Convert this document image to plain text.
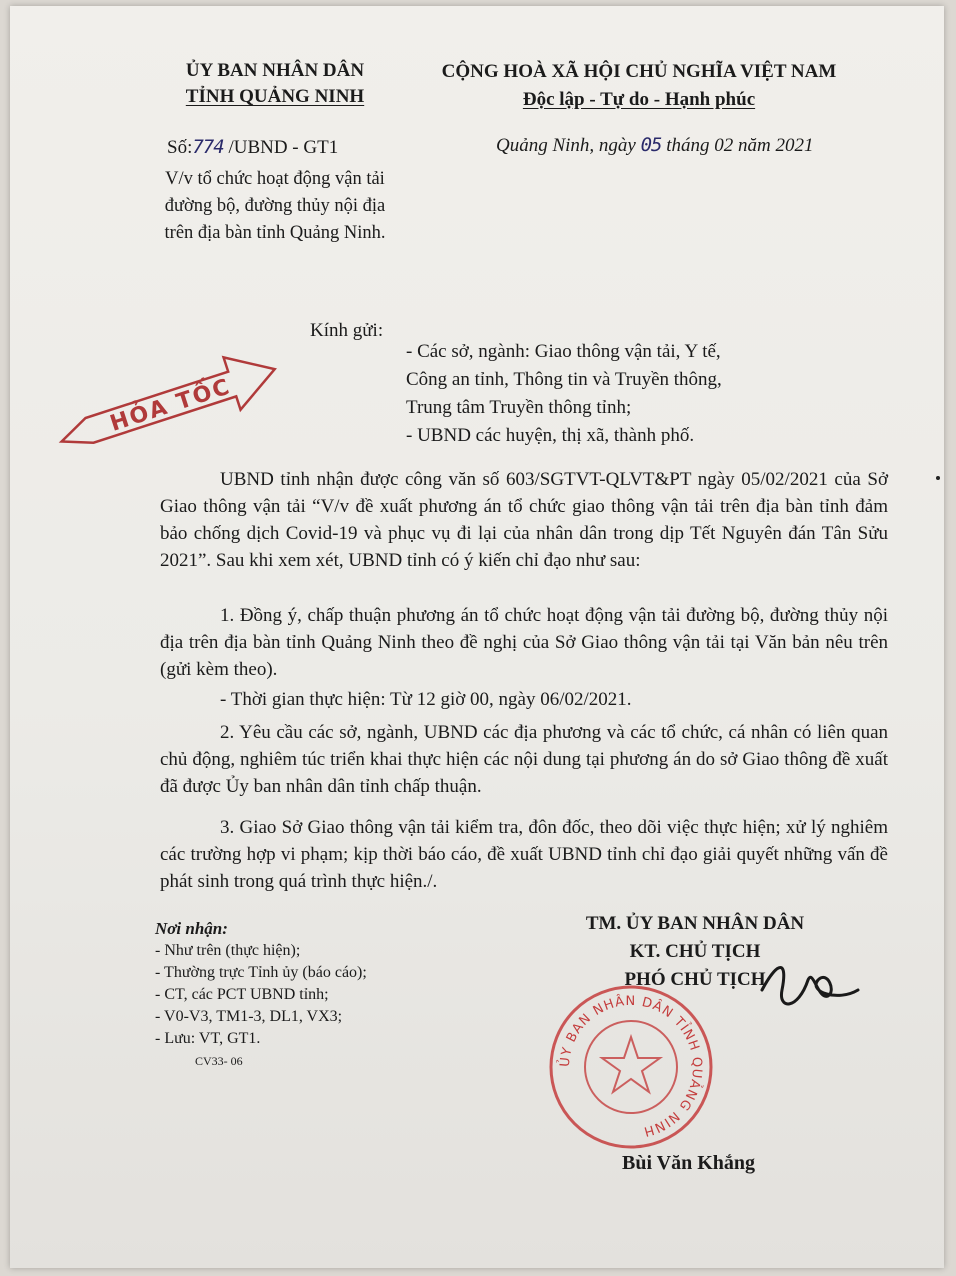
ỦY BAN NHÂN DÂN
TỈNH QUẢNG NINH
CỘNG HOÀ XÃ HỘI CHỦ NGHĨA VIỆT NAM
Độc lập - Tự do - Hạnh phúc
Số:774 /UBND - GT1
V/v tổ chức hoạt động vận tải đường bộ, đường thủy nội địa trên địa bàn tỉnh Quảng Ninh.
Quảng Ninh, ngày 05 tháng 02 năm 2021
HỎA TỐC
Kính gửi:
- Các sở, ngành: Giao thông vận tải, Y tế,
Công an tỉnh, Thông tin và Truyền thông,
Trung tâm Truyền thông tỉnh;
- UBND các huyện, thị xã, thành phố.
UBND tỉnh nhận được công văn số 603/SGTVT-QLVT&PT ngày 05/02/2021 của Sở Giao thông vận tải “V/v đề xuất phương án tổ chức giao thông vận tải trên địa bàn tỉnh đảm bảo chống dịch Covid-19 và phục vụ đi lại của nhân dân trong dịp Tết Nguyên đán Tân Sửu 2021”. Sau khi xem xét, UBND tỉnh có ý kiến chỉ đạo như sau:
1. Đồng ý, chấp thuận phương án tổ chức hoạt động vận tải đường bộ, đường thủy nội địa trên địa bàn tỉnh Quảng Ninh theo đề nghị của Sở Giao thông vận tải tại Văn bản nêu trên (gửi kèm theo).
- Thời gian thực hiện: Từ 12 giờ 00, ngày 06/02/2021.
2. Yêu cầu các sở, ngành, UBND các địa phương và các tổ chức, cá nhân có liên quan chủ động, nghiêm túc triển khai thực hiện các nội dung tại phương án do sở Giao thông đề xuất đã được Ủy ban nhân dân tỉnh chấp thuận.
3. Giao Sở Giao thông vận tải kiểm tra, đôn đốc, theo dõi việc thực hiện; xử lý nghiêm các trường hợp vi phạm; kịp thời báo cáo, đề xuất UBND tỉnh chỉ đạo giải quyết những vấn đề phát sinh trong quá trình thực hiện./.
Nơi nhận:
- Như trên (thực hiện);
- Thường trực Tỉnh ủy (báo cáo);
- CT, các PCT UBND tỉnh;
- V0-V3, TM1-3, DL1, VX3;
- Lưu: VT, GT1.
CV33- 06
TM. ỦY BAN NHÂN DÂN
KT. CHỦ TỊCH
PHÓ CHỦ TỊCH
ỦY BAN NHÂN DÂN TỈNH QUẢNG NINH
Bùi Văn Khắng
